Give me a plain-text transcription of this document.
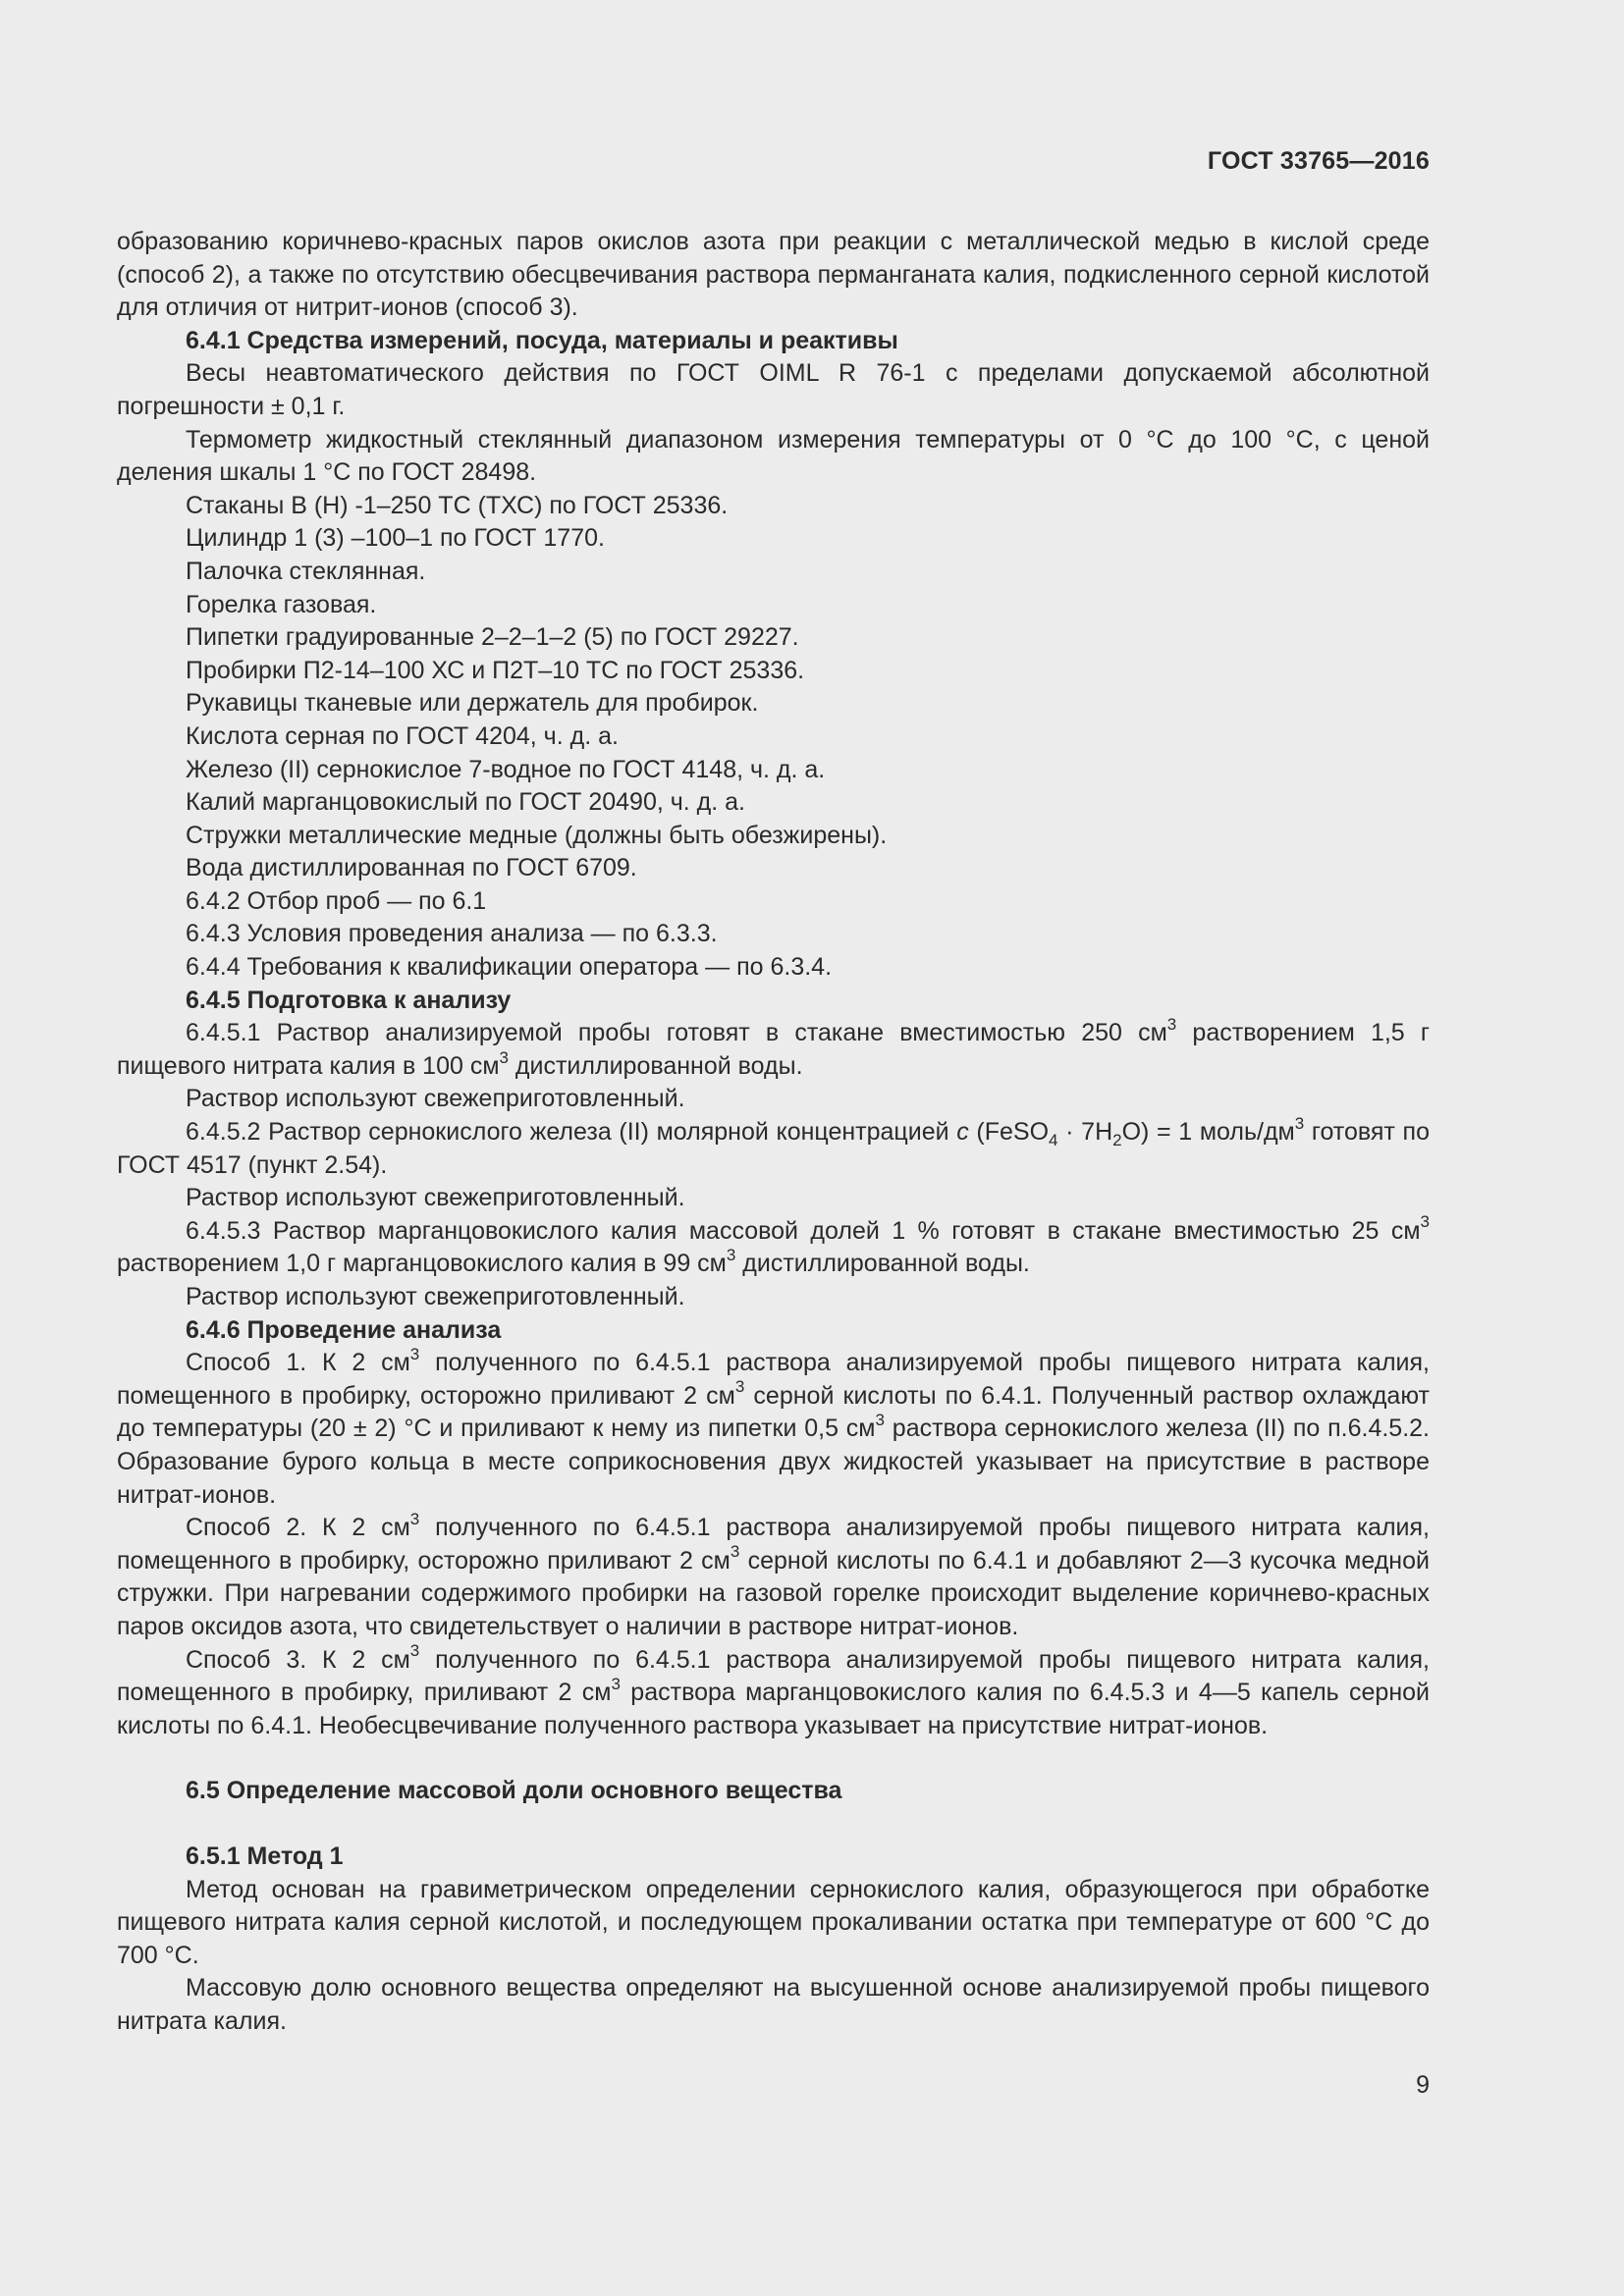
ГОСТ 33765—2016

образованию коричнево-красных паров окислов азота при реакции с металлической медью в кислой среде (способ 2), а также по отсутствию обесцвечивания раствора перманганата калия, подкисленного серной кислотой для отличия от нитрит-ионов (способ 3).

6.4.1 Средства измерений, посуда, материалы и реактивы

Весы неавтоматического действия по ГОСТ OIML R 76-1 с пределами допускаемой абсолютной погрешности ± 0,1 г.

Термометр жидкостный стеклянный диапазоном измерения температуры от 0 °С до 100 °С, с ценой деления шкалы 1 °С по ГОСТ 28498.

Стаканы В (Н) -1–250 ТС (ТХС) по ГОСТ 25336.

Цилиндр 1 (3) –100–1 по ГОСТ 1770.

Палочка стеклянная.

Горелка газовая.

Пипетки градуированные 2–2–1–2 (5) по ГОСТ 29227.

Пробирки П2-14–100 ХС и П2Т–10 ТС по ГОСТ 25336.

Рукавицы тканевые или держатель для пробирок.

Кислота серная по ГОСТ 4204, ч. д. а.

Железо (II) сернокислое 7-водное по ГОСТ 4148, ч. д. а.

Калий марганцовокислый по ГОСТ 20490, ч. д. а.

Стружки металлические медные (должны быть обезжирены).

Вода дистиллированная по ГОСТ 6709.

6.4.2 Отбор проб — по 6.1

6.4.3 Условия проведения анализа — по 6.3.3.

6.4.4 Требования к квалификации оператора — по 6.3.4.

6.4.5 Подготовка к анализу

6.4.5.1 Раствор анализируемой пробы готовят в стакане вместимостью 250 $см^3$ растворением 1,5 г пищевого нитрата калия в 100 $см^3$ дистиллированной воды.

Раствор используют свежеприготовленный.

6.4.5.2 Раствор сернокислого железа (II) молярной концентрацией c (FeSO$_4$ · $7H_2O) = 1$ моль/$дм^3$ готовят по ГОСТ 4517 (пункт 2.54).

Раствор используют свежеприготовленный.

6.4.5.3 Раствор марганцовокислого калия массовой долей 1 % готовят в стакане вместимостью 25 $см^3$ растворением 1,0 г марганцовокислого калия в 99 $см^3$ дистиллированной воды.

Раствор используют свежеприготовленный.

6.4.6 Проведение анализа

Способ 1. К 2 $см^3$ полученного по 6.4.5.1 раствора анализируемой пробы пищевого нитрата калия, помещенного в пробирку, осторожно приливают 2 $см^3$ серной кислоты по 6.4.1. Полученный раствор охлаждают до температуры (20 ± 2) °С и приливают к нему из пипетки 0,5 $см^3$ раствора сернокислого железа (II) по п.6.4.5.2. Образование бурого кольца в месте соприкосновения двух жидкостей указывает на присутствие в растворе нитрат-ионов.

Способ 2. К 2 $см^3$ полученного по 6.4.5.1 раствора анализируемой пробы пищевого нитрата калия, помещенного в пробирку, осторожно приливают 2 $см^3$ серной кислоты по 6.4.1 и добавляют 2—3 кусочка медной стружки. При нагревании содержимого пробирки на газовой горелке происходит выделение коричнево-красных паров оксидов азота, что свидетельствует о наличии в растворе нитрат-ионов.

Способ 3. К 2 $см^3$ полученного по 6.4.5.1 раствора анализируемой пробы пищевого нитрата калия, помещенного в пробирку, приливают 2 $см^3$ раствора марганцовокислого калия по 6.4.5.3 и 4—5 капель серной кислоты по 6.4.1. Необесцвечивание полученного раствора указывает на присутствие нитрат-ионов.

6.5 Определение массовой доли основного вещества

6.5.1 Метод 1

Метод основан на гравиметрическом определении сернокислого калия, образующегося при обработке пищевого нитрата калия серной кислотой, и последующем прокаливании остатка при температуре от 600 °С до 700 °С.

Массовую долю основного вещества определяют на высушенной основе анализируемой пробы пищевого нитрата калия.

9
